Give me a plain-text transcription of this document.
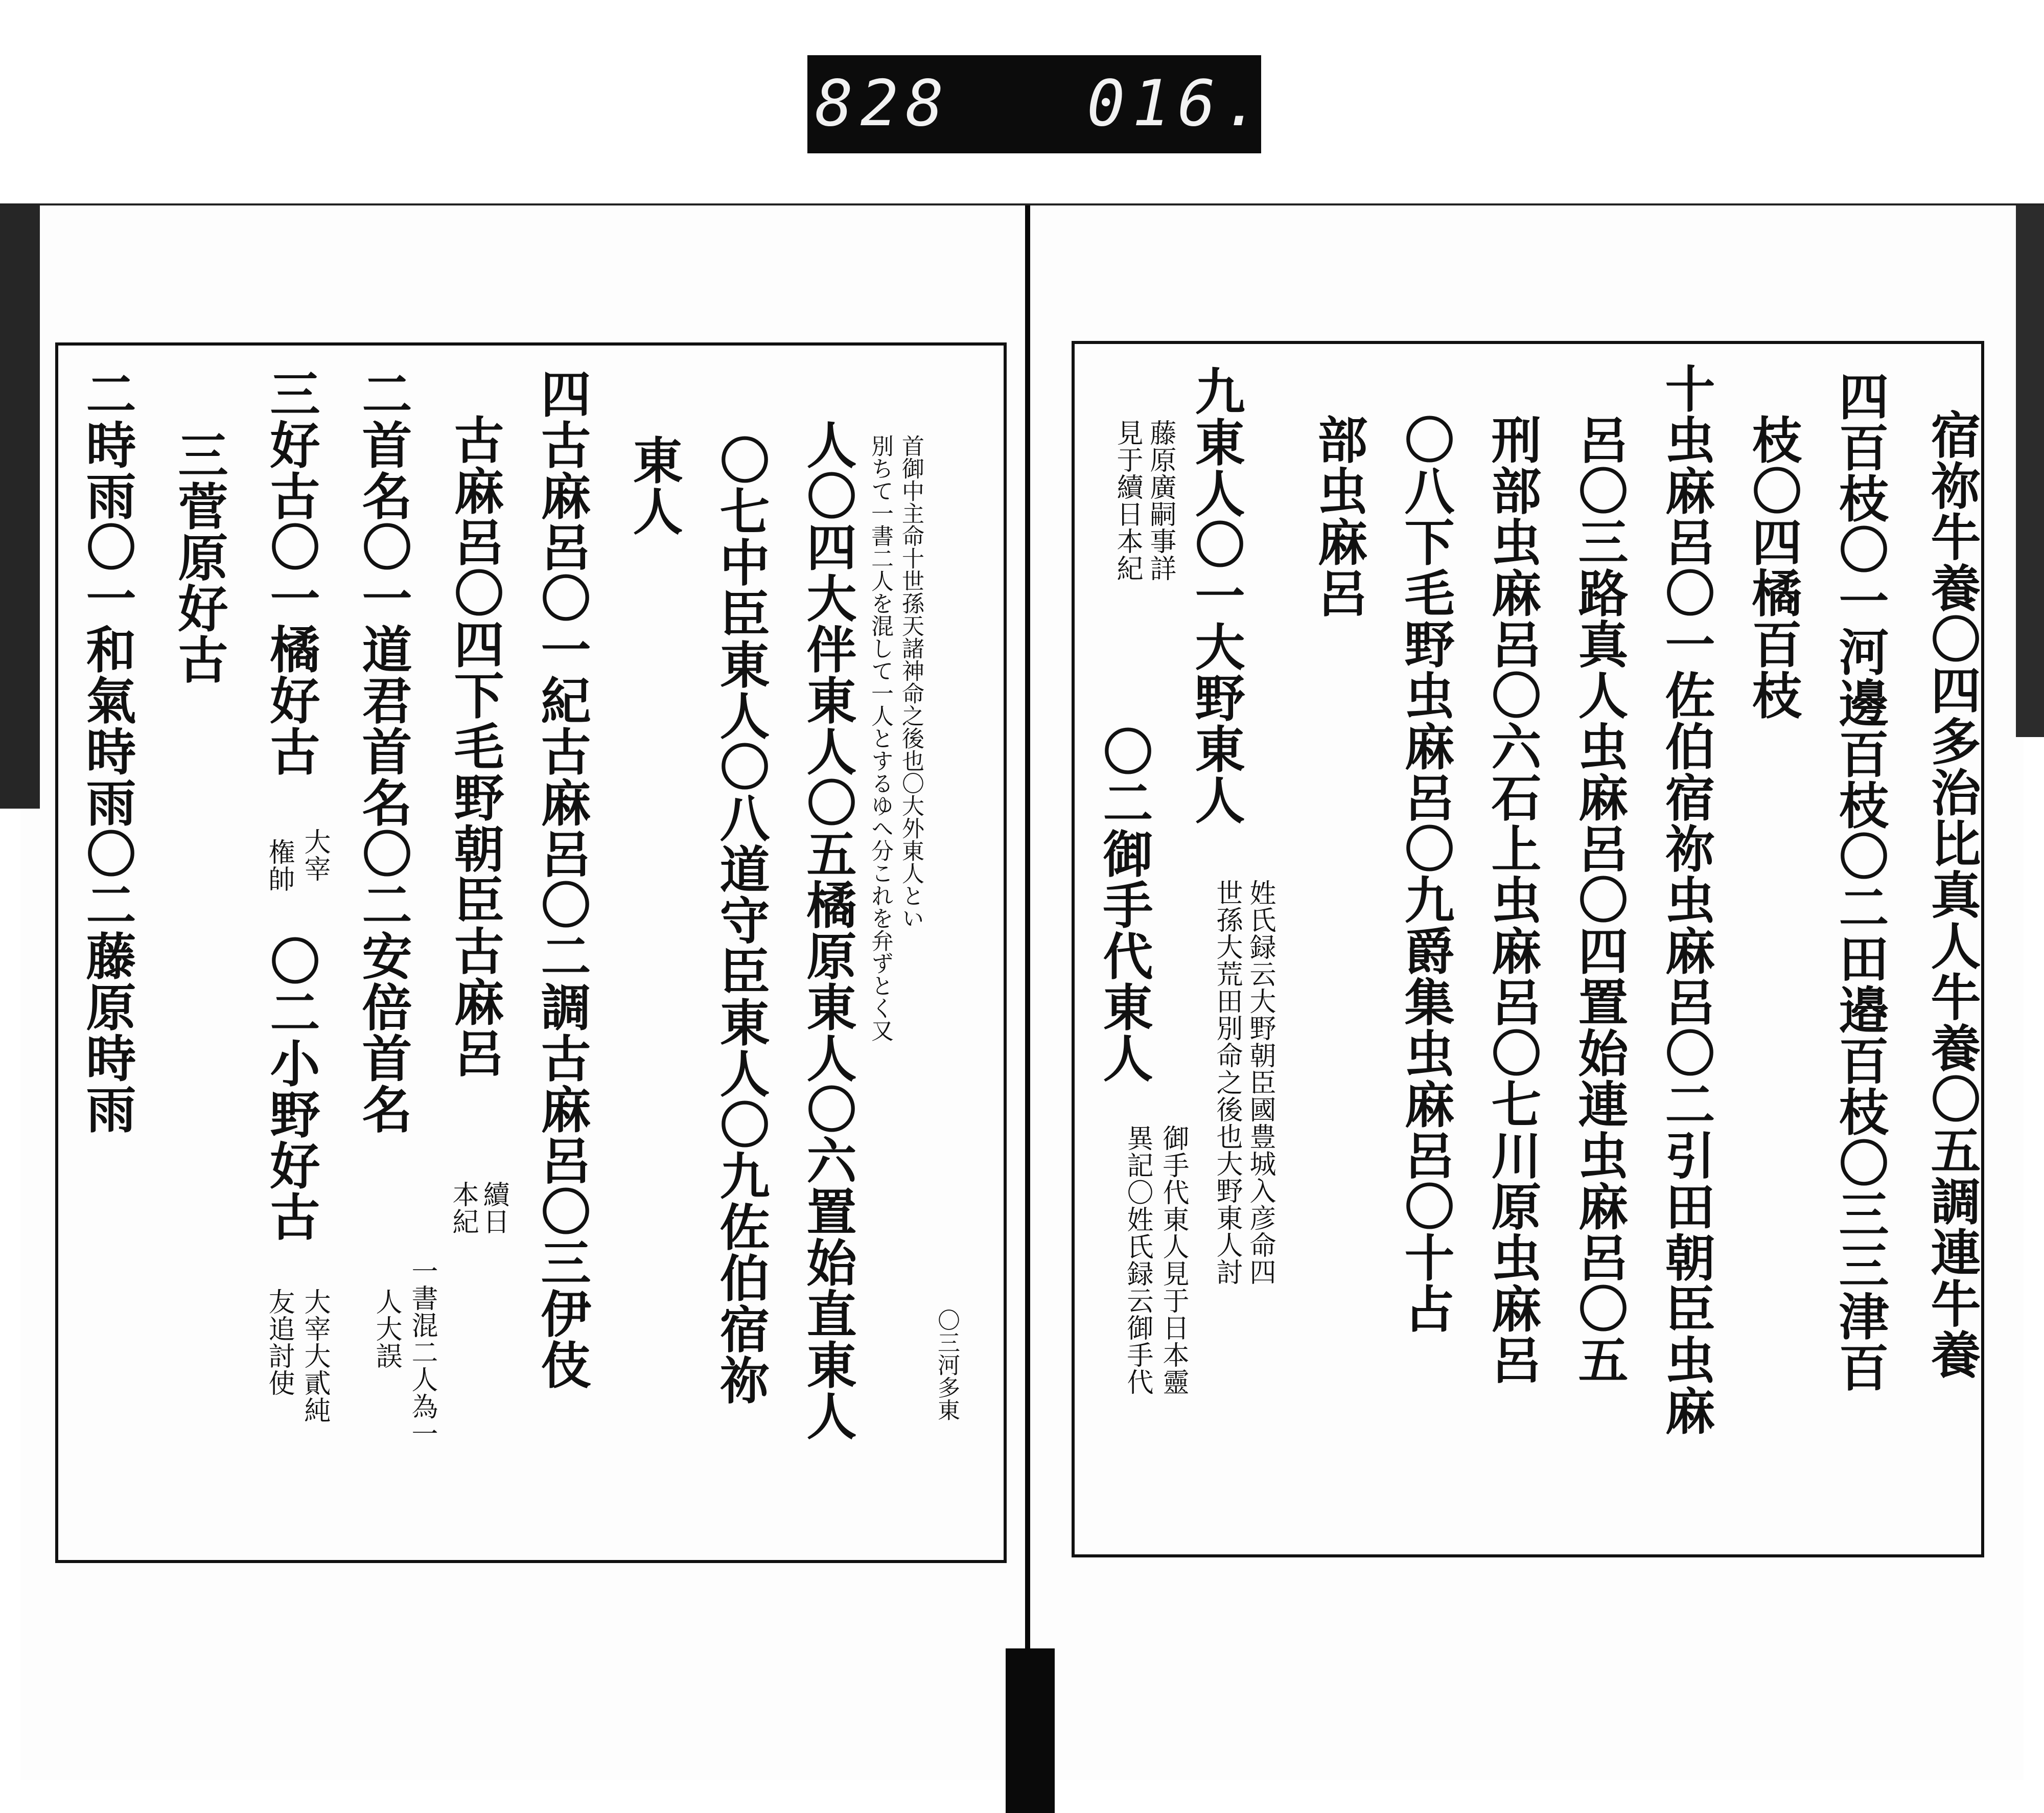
828   016.
宿祢牛養〇四多治比真人牛養〇五調連牛養
四百枝〇一河邊百枝〇二田邉百枝〇三三津百
枝〇四橘百枝
十虫麻呂〇一佐伯宿祢虫麻呂〇二引田朝臣虫麻
呂〇三路真人虫麻呂〇四置始連虫麻呂〇五
刑部虫麻呂〇六石上虫麻呂〇七川原虫麻呂
〇八下毛野虫麻呂〇九爵集虫麻呂〇十占
部虫麻呂
九東人〇一大野東人
姓氏録云大野朝臣國豊城入彦命四
世孫大荒田別命之後也大野東人討
藤原廣嗣事詳
見于續日本紀
〇二御手代東人
御手代東人見于日本靈
異記〇姓氏録云御手代
〇三河多東
首御中主命十世孫天諸神命之後也〇大外東人とい
別ちて一書二人を混して一人とするゆへ分これを弁ずとく又
人〇四大伴東人〇五橘原東人〇六置始直東人
〇七中臣東人〇八道守臣東人〇九佐伯宿祢
東人
四古麻呂〇一紀古麻呂〇二調古麻呂〇三伊伎
古麻呂〇四下毛野朝臣古麻呂
續日
本紀
二首名〇一道君首名〇二安倍首名
一書混二人為一
人大誤
三好古〇一橘好古
大宰
権帥
〇二小野好古
大宰大貳純
友追討使
三菅原好古
二時雨〇一和氣時雨〇二藤原時雨
